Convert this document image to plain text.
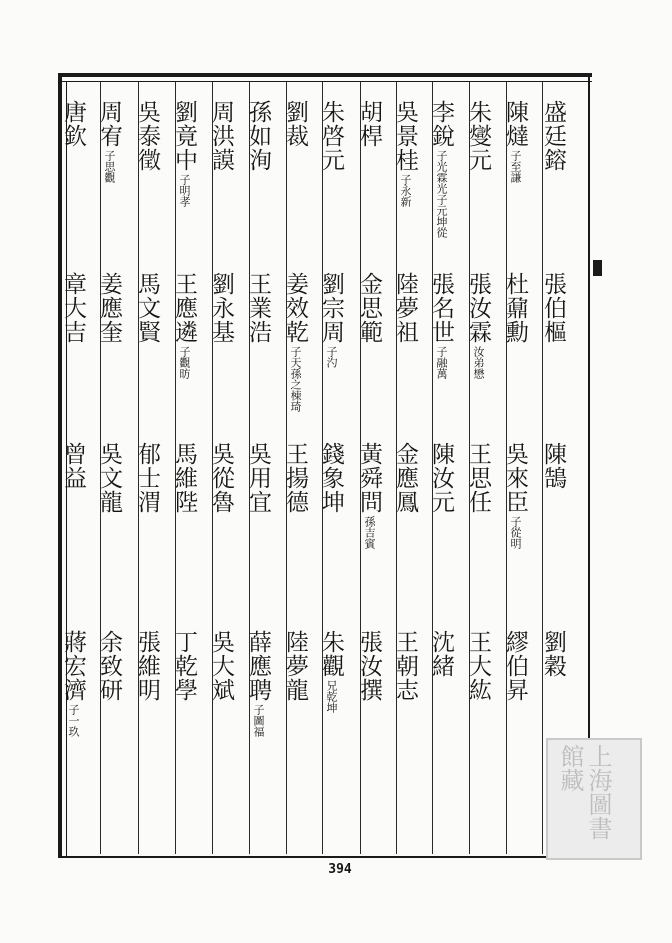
盛廷鎔
張伯樞
陳鵠
劉穀
陳燵子至謙
杜鼐勳
吳來臣子從明
繆伯昇
朱燮元
張汝霖汝弟懋
王思任
王大紘
李銳子光霖光子元坤從
張名世子融萬
陳汝元
沈緒
吳景桂子永新
陸夢祖
金應鳳
王朝志
胡桿
金思範
黃舜問孫吉賓
張汝撰
朱啓元
劉宗周子汋
錢象坤
朱觀兄乾坤
劉裁
姜效乾子天孫之棟琦
王揚德
陸夢龍
孫如洵
王業浩
吳用宜
薛應聘子圖福
周洪謨
劉永基
吳從魯
吳大斌
劉竟中子明孝
王應遴子觀昉
馬維陛
丁乾學
吳泰徵
馬文賢
郁士渭
張維明
周宥子思觀
姜應奎
吳文龍
余致研
唐欽
章大吉
曾益
蔣宏濟子一玖
394
上海圖書館藏
